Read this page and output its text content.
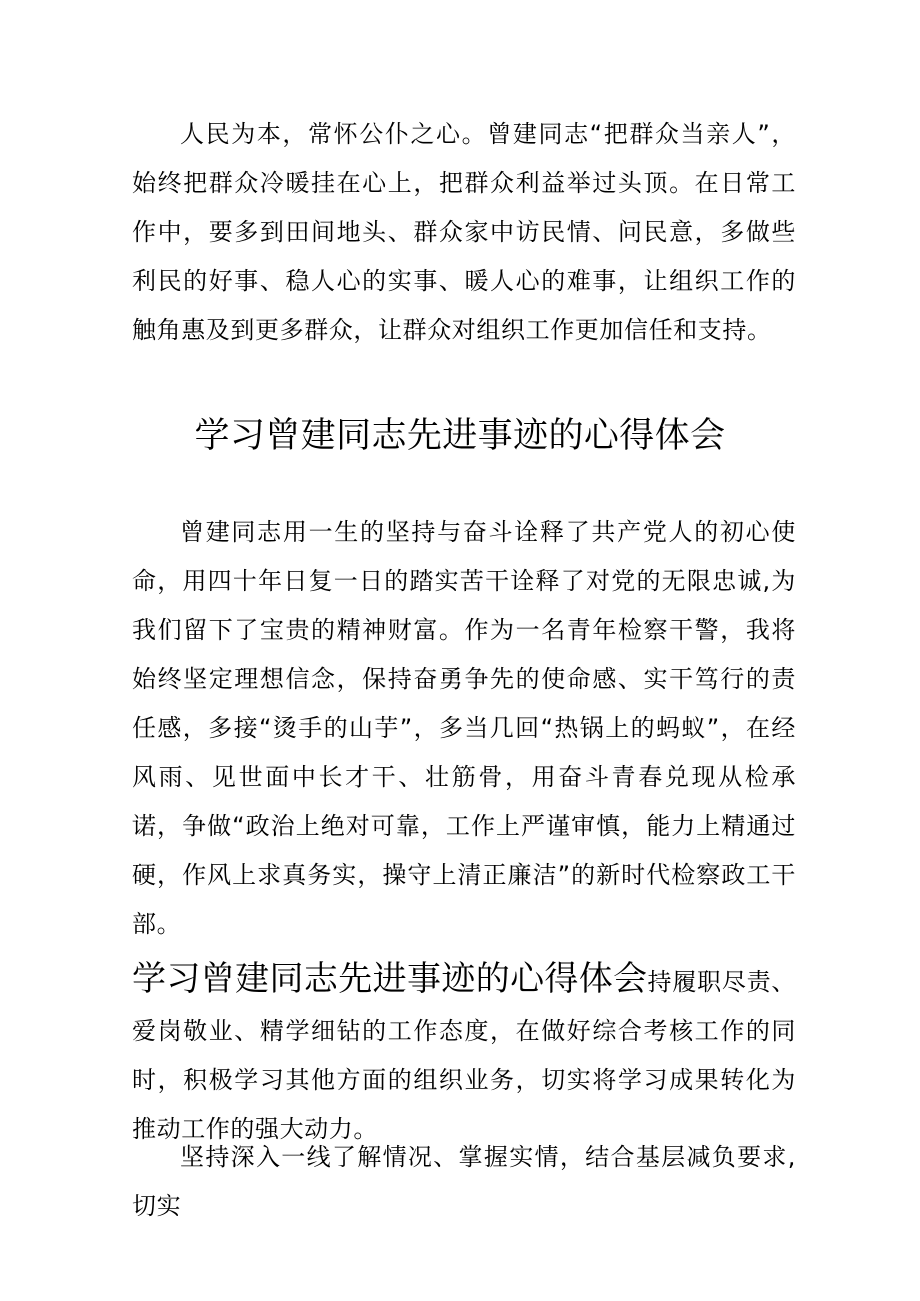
人民为本，常怀公仆之心。曾建同志“把群众当亲人”，始终把群众冷暖挂在心上，把群众利益举过头顶。在日常工作中，要多到田间地头、群众家中访民情、问民意，多做些利民的好事、稳人心的实事、暖人心的难事，让组织工作的触角惠及到更多群众，让群众对组织工作更加信任和支持。

学习曾建同志先进事迹的心得体会

曾建同志用一生的坚持与奋斗诠释了共产党人的初心使命，用四十年日复一日的踏实苦干诠释了对党的无限忠诚,为我们留下了宝贵的精神财富。作为一名青年检察干警，我将始终坚定理想信念，保持奋勇争先的使命感、实干笃行的责任感，多接“烫手的山芋”，多当几回“热锅上的蚂蚁”，在经风雨、见世面中长才干、壮筋骨，用奋斗青春兑现从检承诺，争做“政治上绝对可靠，工作上严谨审慎，能力上精通过硬，作风上求真务实，操守上清正廉洁”的新时代检察政工干部。

学习曾建同志先进事迹的心得体会持履职尽责、爱岗敬业、精学细钻的工作态度，在做好综合考核工作的同时，积极学习其他方面的组织业务，切实将学习成果转化为推动工作的强大动力。

坚持深入一线了解情况、掌握实情，结合基层减负要求,切实
